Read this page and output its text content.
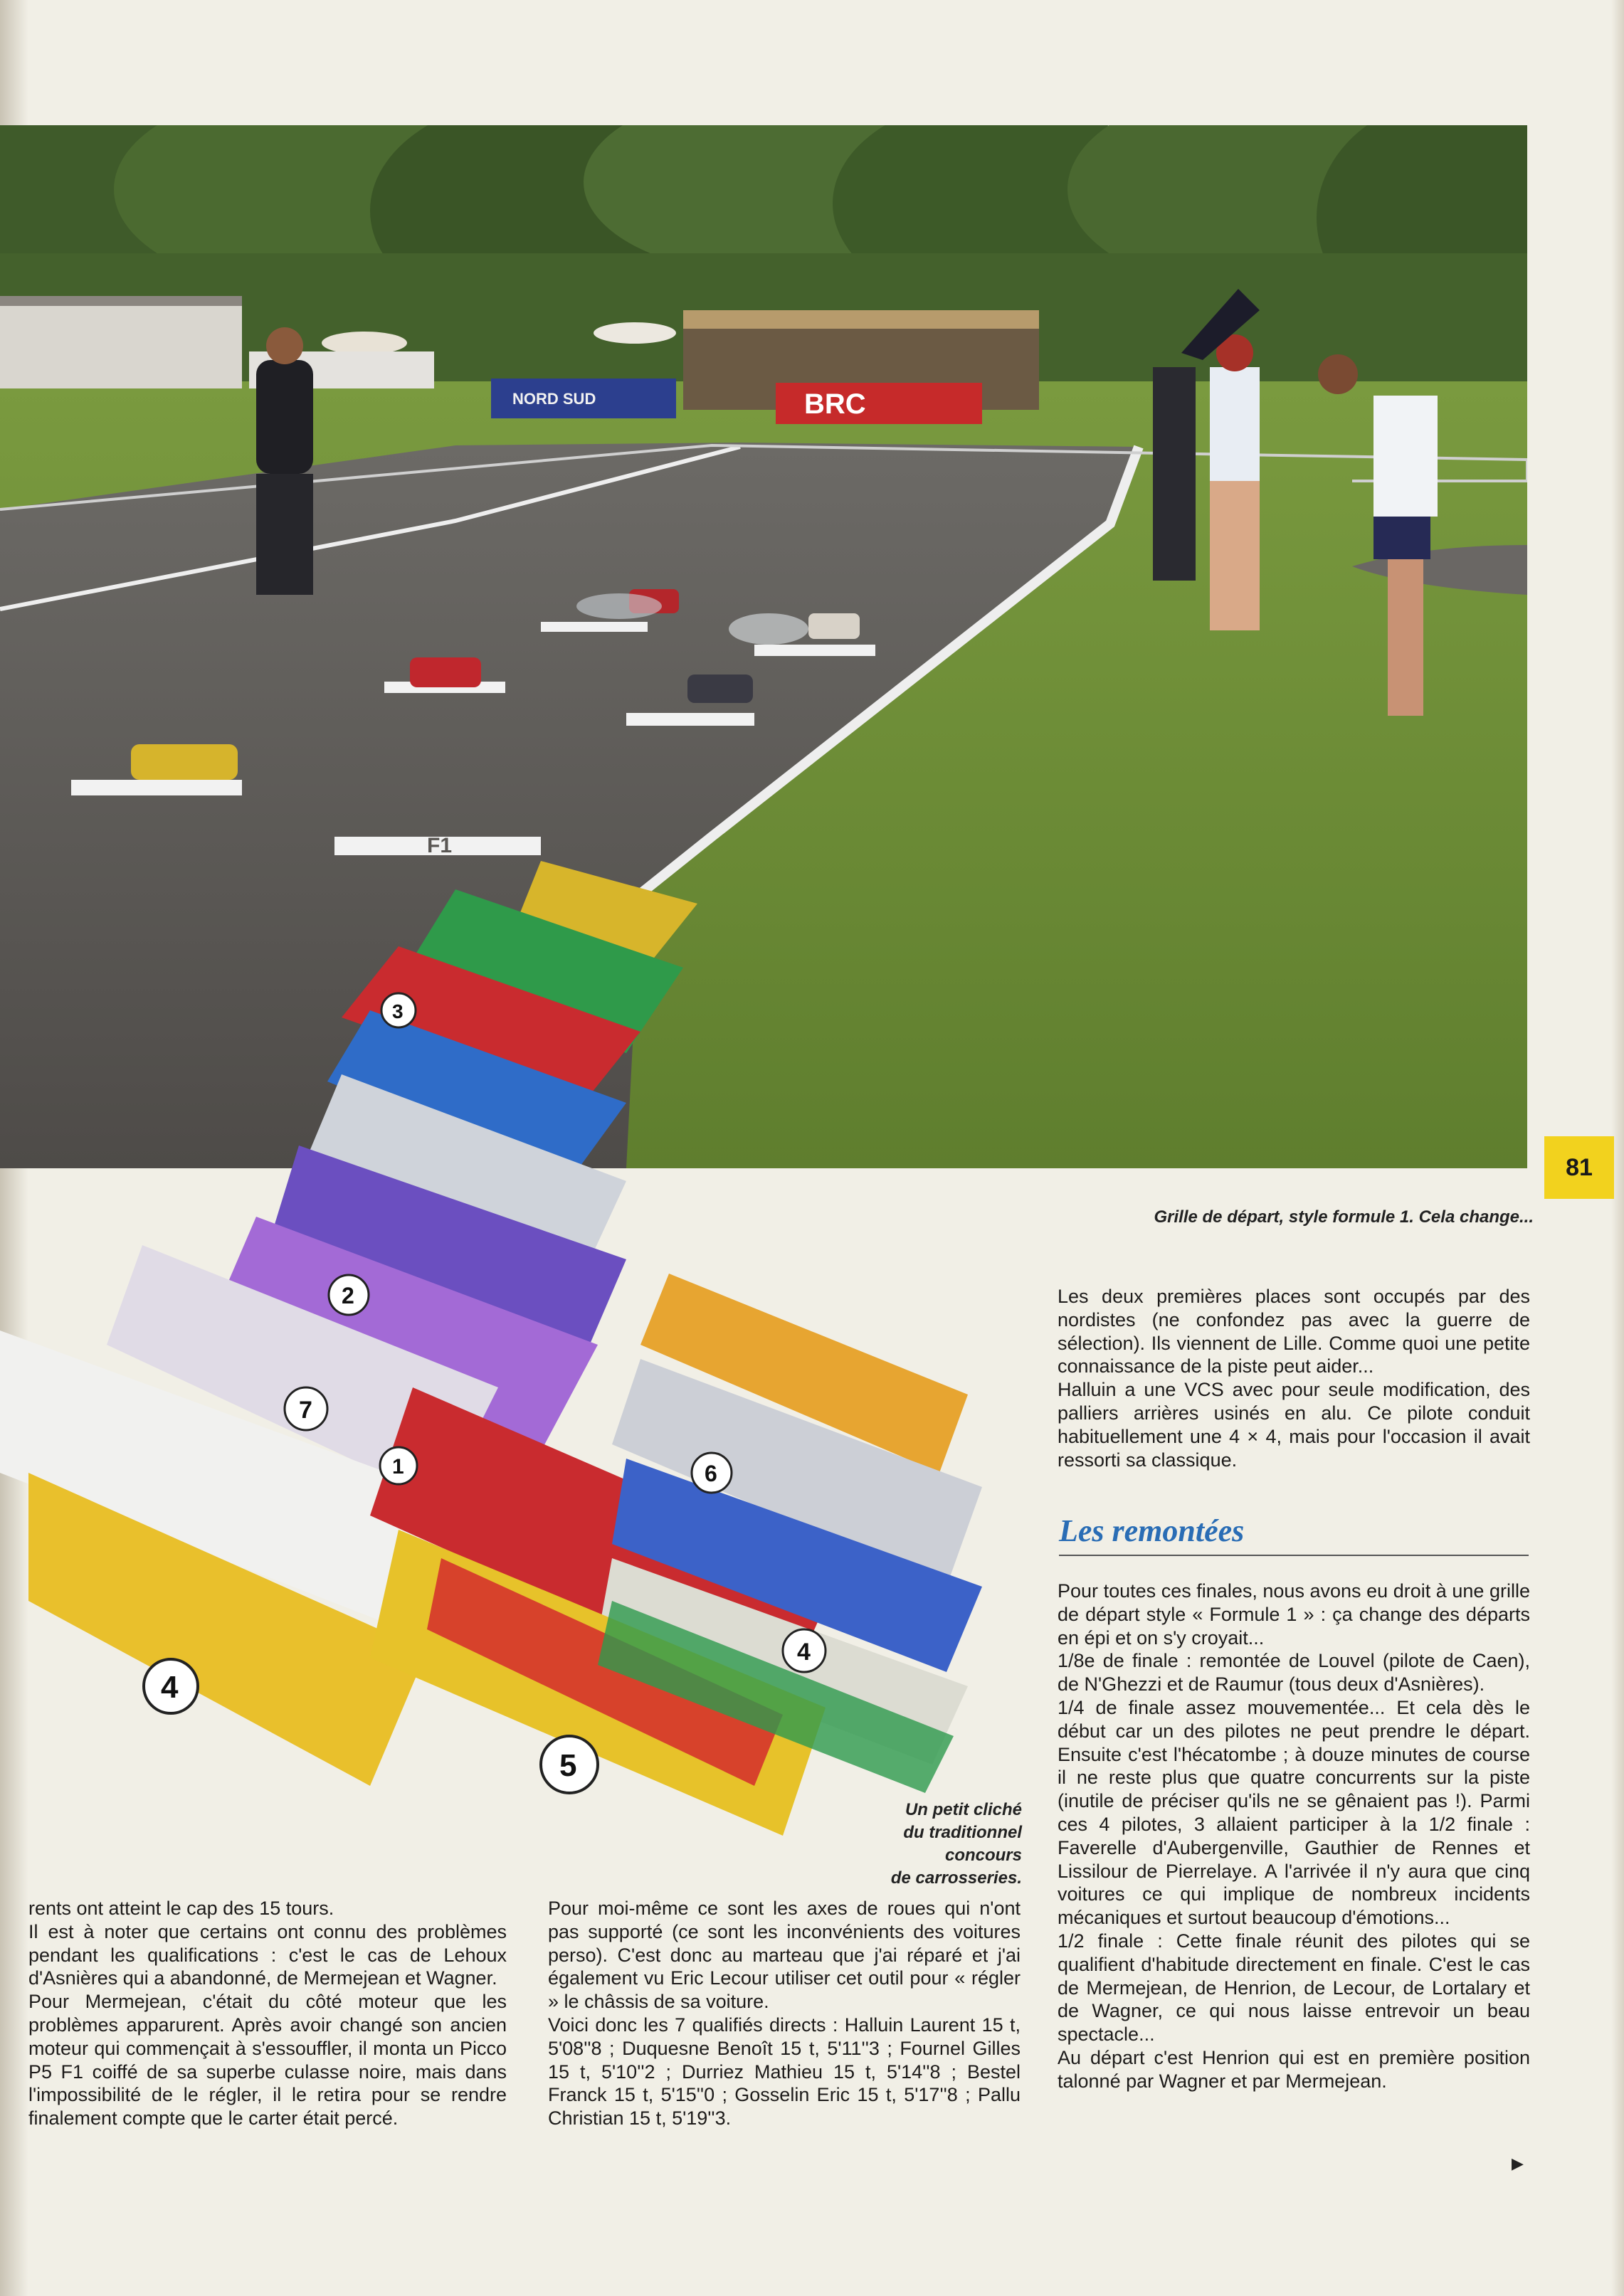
NORD SUD	BRC
F1
4
5
7
2
6
1
3
4
81
Grille de départ, style formule 1. Cela change...
Un petit cliché
du traditionnel
concours
de carrosseries.

Les deux premières places sont occupés par des nordistes (ne confondez pas avec la guerre de sélection). Ils viennent de Lille. Comme quoi une petite connaissance de la piste peut aider...

Halluin a une VCS avec pour seule modification, des palliers arrières usinés en alu. Ce pilote conduit habituellement une 4 × 4, mais pour l'occasion il avait ressorti sa classique.

Les remontées

Pour toutes ces finales, nous avons eu droit à une grille de départ style « Formule 1 » : ça change des départs en épi et on s'y croyait...

1/8e de finale : remontée de Louvel (pilote de Caen), de N'Ghezzi et de Raumur (tous deux d'Asnières).

1/4 de finale assez mouvementée... Et cela dès le début car un des pilotes ne peut prendre le départ. Ensuite c'est l'hécatombe ; à douze minutes de course il ne reste plus que quatre concurrents sur la piste (inutile de préciser qu'ils ne se gênaient pas !). Parmi ces 4 pilotes, 3 allaient participer à la 1/2 finale : Faverelle d'Aubergenville, Gauthier de Rennes et Lissilour de Pierrelaye. A l'arrivée il n'y aura que cinq voitures ce qui implique de nombreux incidents mécaniques et surtout beaucoup d'émotions...

1/2 finale : Cette finale réunit des pilotes qui se qualifient d'habitude directement en finale. C'est le cas de Mermejean, de Henrion, de Lecour, de Lortalary et de Wagner, ce qui nous laisse entrevoir un beau spectacle...

Au départ c'est Henrion qui est en première position talonné par Wagner et par Mermejean.

▶

rents ont atteint le cap des 15 tours.

Il est à noter que certains ont connu des problèmes pendant les qualifications : c'est le cas de Lehoux d'Asnières qui a abandonné, de Mermejean et Wagner.

Pour Mermejean, c'était du côté moteur que les problèmes apparurent. Après avoir changé son ancien moteur qui commençait à s'essouffler, il monta un Picco P5 F1 coiffé de sa superbe culasse noire, mais dans l'impossibilité de le régler, il le retira pour se rendre finalement compte que le carter était percé.

Pour moi-même ce sont les axes de roues qui n'ont pas supporté (ce sont les inconvénients des voitures perso). C'est donc au marteau que j'ai réparé et j'ai également vu Eric Lecour utiliser cet outil pour « régler » le châssis de sa voiture.

Voici donc les 7 qualifiés directs : Halluin Laurent 15 t, 5'08''8 ; Duquesne Benoît 15 t, 5'11''3 ; Fournel Gilles 15 t, 5'10''2 ; Durriez Mathieu 15 t, 5'14''8 ; Bestel Franck 15 t, 5'15''0 ; Gosselin Eric 15 t, 5'17''8 ; Pallu Christian 15 t, 5'19''3.
